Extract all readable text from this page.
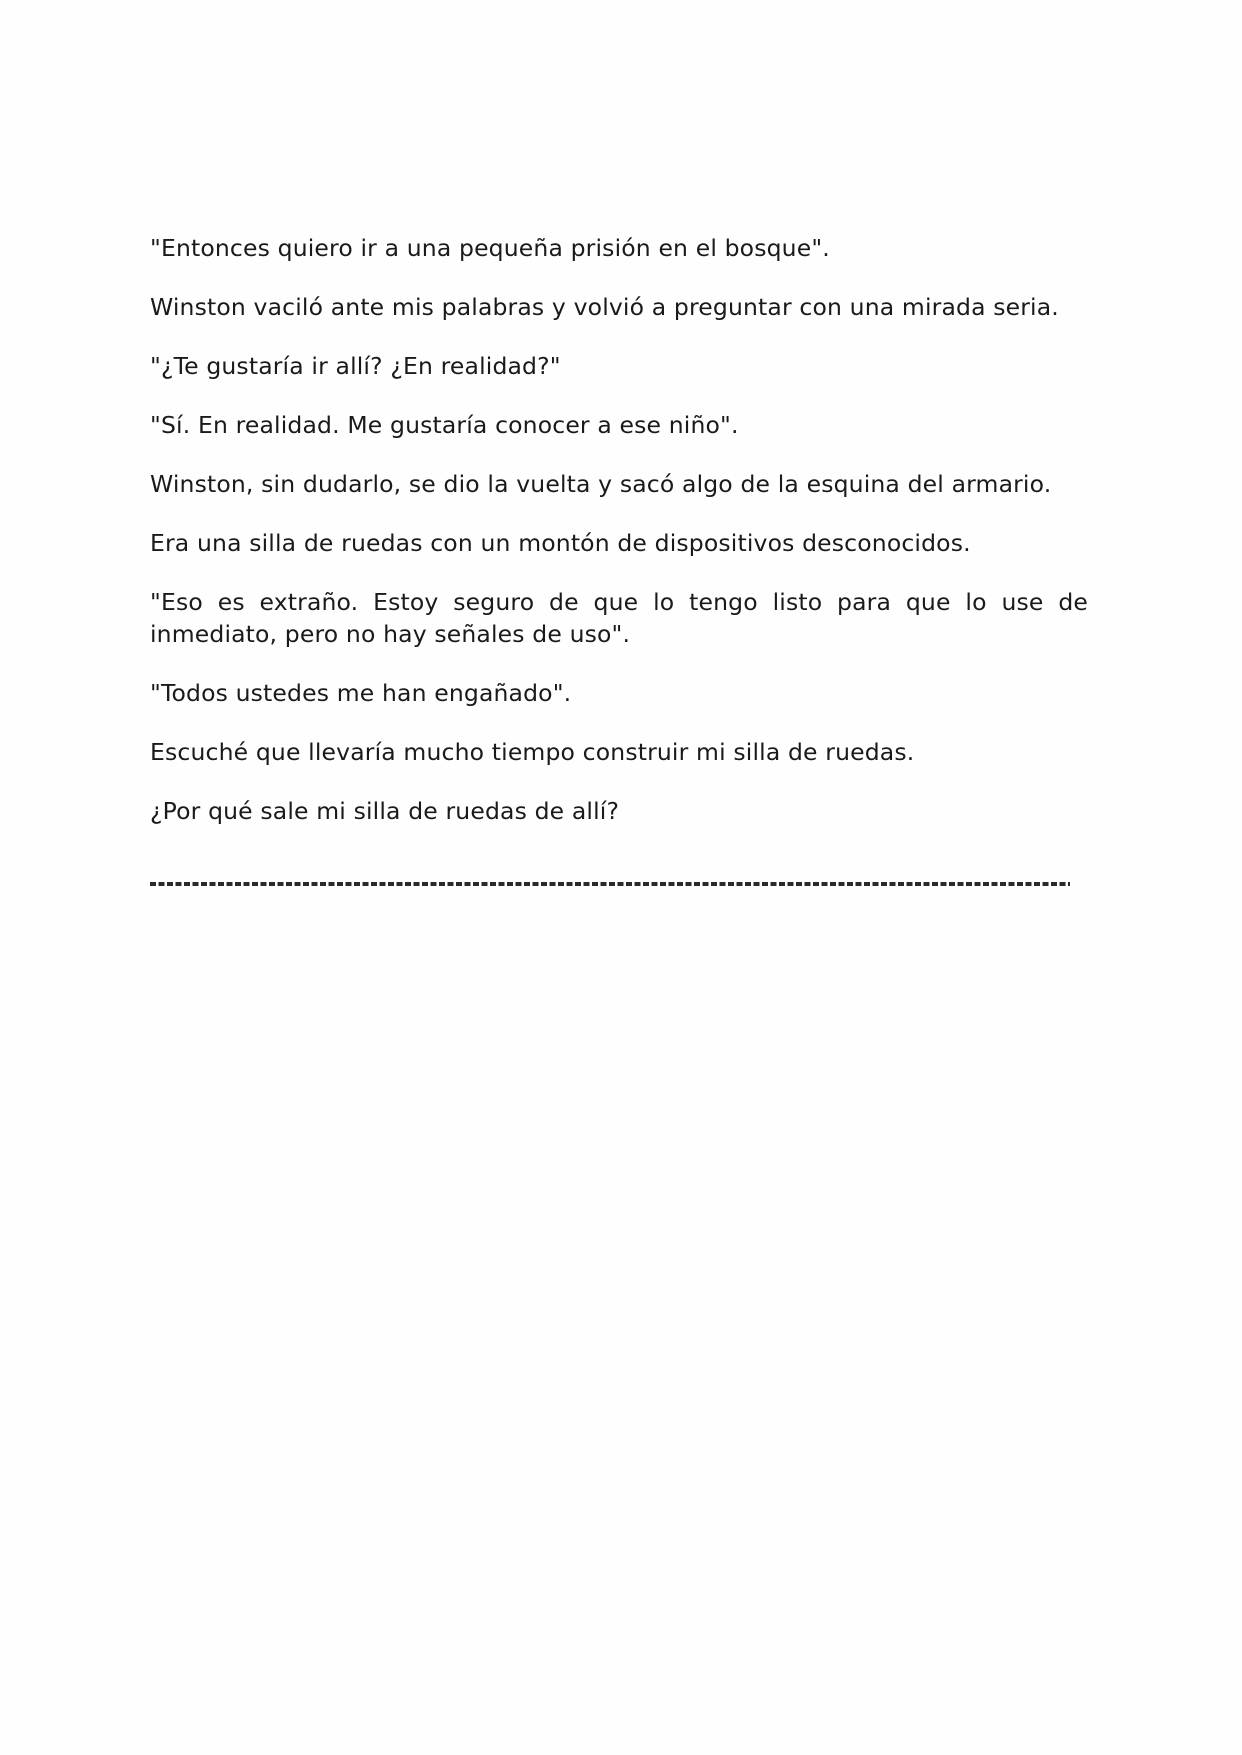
"Entonces quiero ir a una pequeña prisión en el bosque".

Winston vaciló ante mis palabras y volvió a preguntar con una mirada seria.

"¿Te gustaría ir allí? ¿En realidad?"

"Sí. En realidad. Me gustaría conocer a ese niño".

Winston, sin dudarlo, se dio la vuelta y sacó algo de la esquina del armario.

Era una silla de ruedas con un montón de dispositivos desconocidos.

"Eso es extraño. Estoy seguro de que lo tengo listo para que lo use de inmediato, pero no hay señales de uso".

"Todos ustedes me han engañado".

Escuché que llevaría mucho tiempo construir mi silla de ruedas.

¿Por qué sale mi silla de ruedas de allí?
